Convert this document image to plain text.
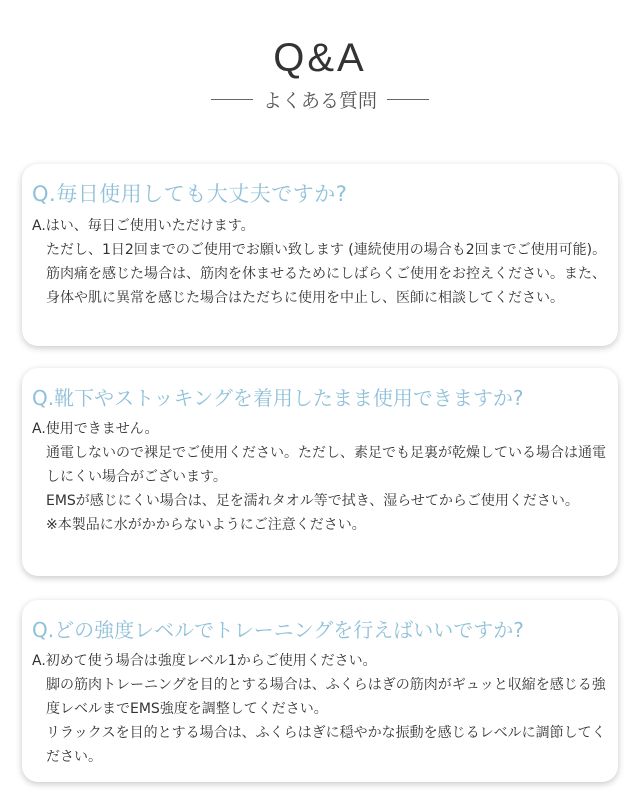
Q&A
よくある質問
Q.毎日使用しても大丈夫ですか?
A.はい、毎日ご使用いただけます。

ただし、1日2回までのご使用でお願い致します (連続使用の場合も2回までご使用可能)。筋肉痛を感じた場合は、筋肉を休ませるためにしばらくご使用をお控えください。また、身体や肌に異常を感じた場合はただちに使用を中止し、医師に相談してください。

Q.靴下やストッキングを着用したまま使用できますか?
A.使用できません。

通電しないので裸足でご使用ください。ただし、素足でも足裏が乾燥している場合は通電しにくい場合がございます。

EMSが感じにくい場合は、足を濡れタオル等で拭き、湿らせてからご使用ください。

※本製品に水がかからないようにご注意ください。

Q.どの強度レベルでトレーニングを行えばいいですか?
A.初めて使う場合は強度レベル1からご使用ください。

脚の筋肉トレーニングを目的とする場合は、ふくらはぎの筋肉がギュッと収縮を感じる強度レベルまでEMS強度を調整してください。

リラックスを目的とする場合は、ふくらはぎに穏やかな振動を感じるレベルに調節してください。
